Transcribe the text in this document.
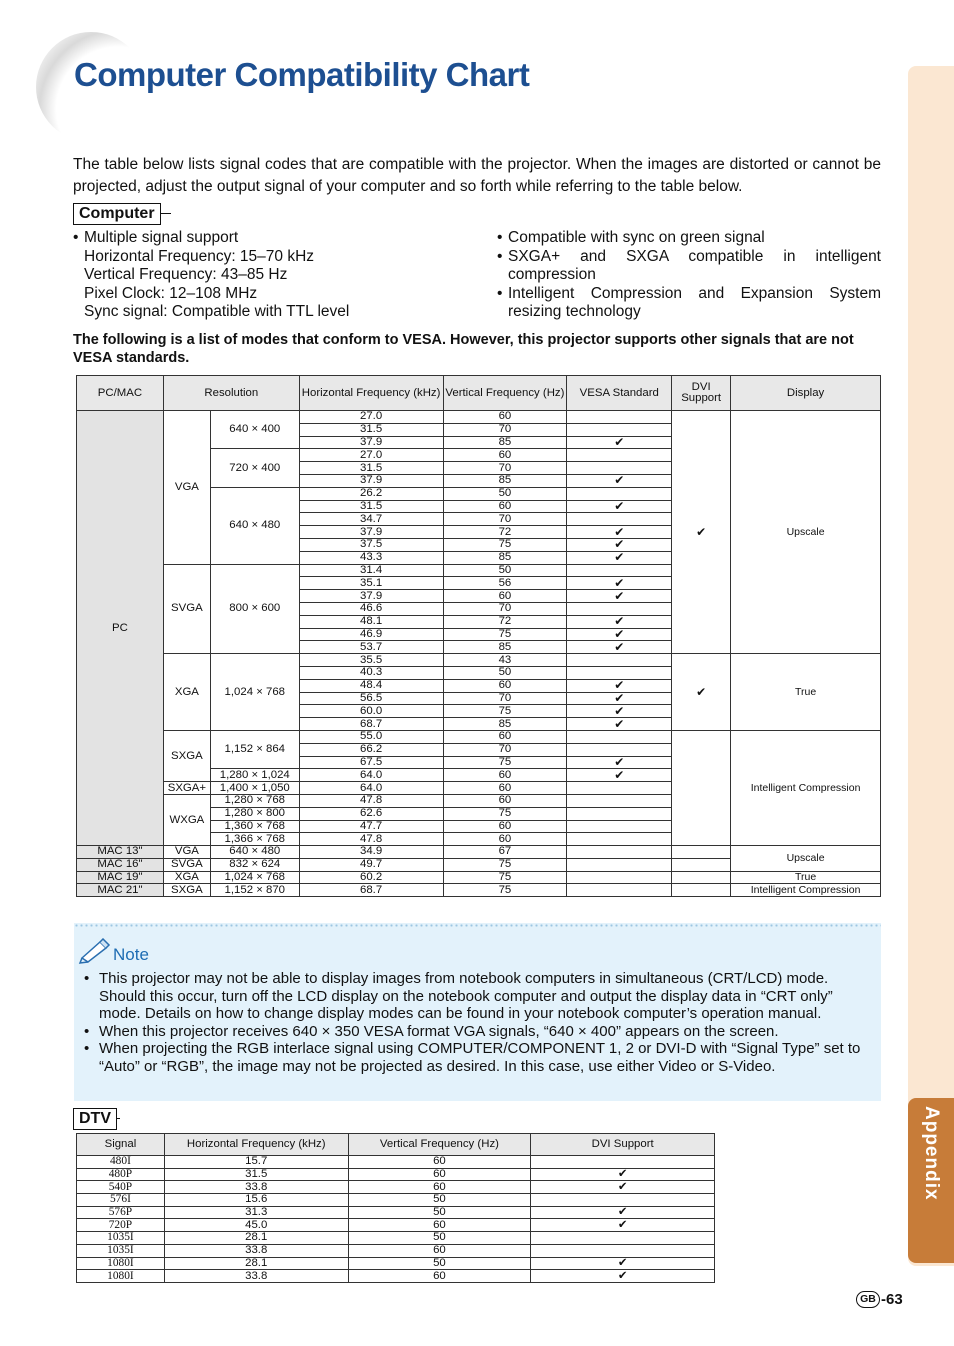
Computer Compatibility Chart
Appendix

The table below lists signal codes that are compatible with the projector. When the images are distorted or cannot be projected, adjust the output signal of your computer and so forth while referring to the table below.

Computer
• Multiple signal support
Horizontal Frequency: 15–70 kHz
Vertical Frequency: 43–85 Hz
Pixel Clock: 12–108 MHz
Sync signal: Compatible with TTL level
• Compatible with sync on green signal
• SXGA+ and SXGA compatible in intelligent compression
• Intelligent Compression and Expansion System resizing technology

The following is a list of modes that conform to VESA. However, this projector supports other signals that are not VESA standards.

PC/MAC	Resolution		Horizontal Frequency (kHz)	Vertical Frequency (Hz)	VESA Standard	DVI Support	Display
PC	VGA	640 × 400	27.0	60		✔	Upscale
			31.5	70			
			37.9	85	✔		
		720 × 400	27.0	60			
			31.5	70			
			37.9	85	✔		
		640 × 480	26.2	50			
			31.5	60	✔		
			34.7	70			
			37.9	72	✔		
			37.5	75	✔		
			43.3	85	✔		
	SVGA	800 × 600	31.4	50			
			35.1	56	✔		
			37.9	60	✔		
			46.6	70			
			48.1	72	✔		
			46.9	75	✔		
			53.7	85	✔		
	XGA	1,024 × 768	35.5	43		✔	True
			40.3	50			
			48.4	60	✔		
			56.5	70	✔		
			60.0	75	✔		
			68.7	85	✔		
	SXGA	1,152 × 864	55.0	60			Intelligent Compression
			66.2	70			
			67.5	75	✔		
		1,280 × 1,024	64.0	60	✔		
	SXGA+	1,400 × 1,050	64.0	60			
	WXGA	1,280 × 768	47.8	60			
		1,280 × 800	62.6	75			
		1,360 × 768	47.7	60			
		1,366 × 768	47.8	60			
MAC 13"	VGA	640 × 480	34.9	67			Upscale
MAC 16"	SVGA	832 × 624	49.7	75			
MAC 19"	XGA	1,024 × 768	60.2	75			True
MAC 21"	SXGA	1,152 × 870	68.7	75			Intelligent Compression
Note
• This projector may not be able to display images from notebook computers in simultaneous (CRT/LCD) mode. Should this occur, turn off the LCD display on the notebook computer and output the display data in “CRT only” mode. Details on how to change display modes can be found in your notebook computer’s operation manual.
• When this projector receives 640 × 350 VESA format VGA signals, “640 × 400” appears on the screen.
• When projecting the RGB interlace signal using COMPUTER/COMPONENT 1, 2 or DVI-D with “Signal Type” set to “Auto” or “RGB”, the image may not be projected as desired. In this case, use either Video or S-Video.
DTV
Signal	Horizontal Frequency (kHz)	Vertical Frequency (Hz)	DVI Support
480I	15.7	60	
480P	31.5	60	✔
540P	33.8	60	✔
576I	15.6	50	
576P	31.3	50	✔
720P	45.0	60	✔
1035I	28.1	50	
1035I	33.8	60	
1080I	28.1	50	✔
1080I	33.8	60	✔
GB -63
